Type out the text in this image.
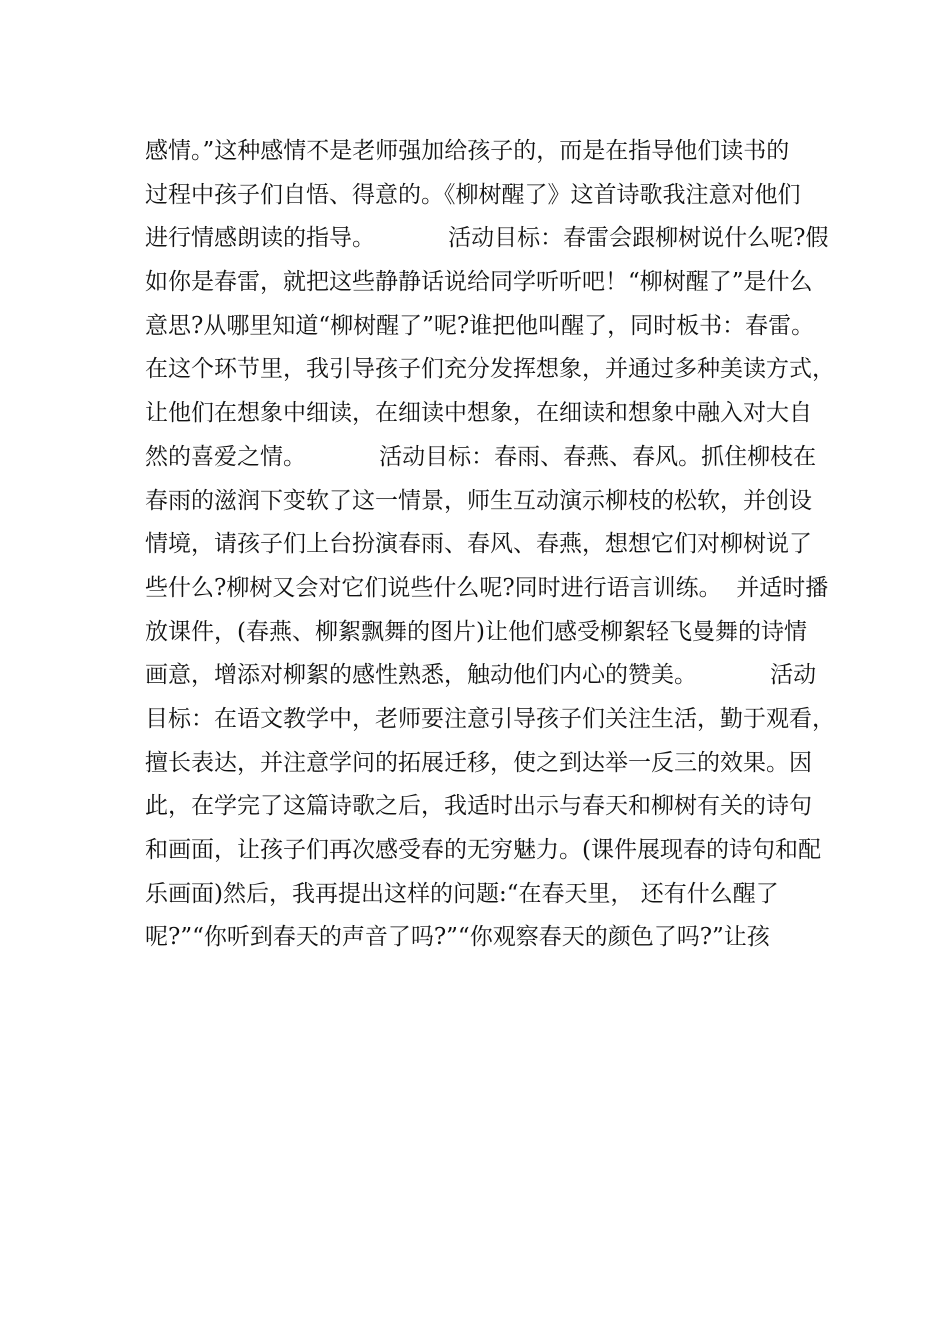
感情。”这种感情不是老师强加给孩子的，而是在指导他们读书的
过程中孩子们自悟、得意的。《柳树醒了》这首诗歌我注意对他们
进行情感朗读的指导。          活动目标：春雷会跟柳树说什么呢?假
如你是春雷，就把这些静静话说给同学听听吧！“柳树醒了”是什么
意思?从哪里知道“柳树醒了”呢?谁把他叫醒了，同时板书：春雷。
在这个环节里，我引导孩子们充分发挥想象，并通过多种美读方式，
让他们在想象中细读，在细读中想象，在细读和想象中融入对大自
然的喜爱之情。          活动目标：春雨、春燕、春风。抓住柳枝在
春雨的滋润下变软了这一情景，师生互动演示柳枝的松软，并创设
情境，请孩子们上台扮演春雨、春风、春燕，想想它们对柳树说了
些什么?柳树又会对它们说些什么呢?同时进行语言训练。  并适时播
放课件，(春燕、柳絮飘舞的图片)让他们感受柳絮轻飞曼舞的诗情
画意，增添对柳絮的感性熟悉，触动他们内心的赞美。          活动
目标：在语文教学中，老师要注意引导孩子们关注生活，勤于观看，
擅长表达，并注意学问的拓展迁移，使之到达举一反三的效果。因
此，在学完了这篇诗歌之后，我适时出示与春天和柳树有关的诗句
和画面，让孩子们再次感受春的无穷魅力。(课件展现春的诗句和配
乐画面)然后，我再提出这样的问题:“在春天里， 还有什么醒了
呢?”“你听到春天的声音了吗?”“你观察春天的颜色了吗?”让孩
